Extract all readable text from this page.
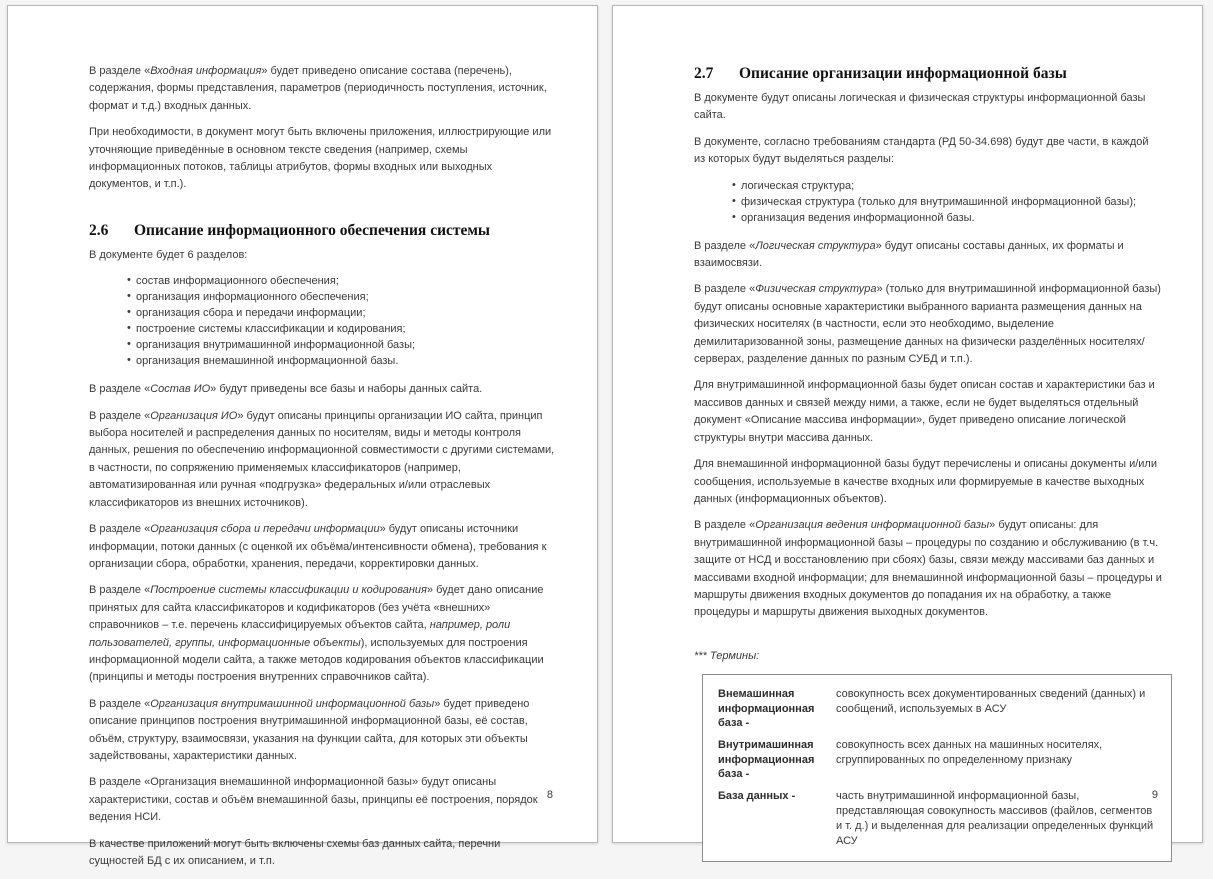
В разделе «Входная информация» будет приведено описание состава (перечень), содержания, формы представления, параметров (периодичность поступления, источник, формат и т.д.) входных данных.

При необходимости, в документ могут быть включены приложения, иллюстрирующие или уточняющие приведённые в основном тексте сведения (например, схемы информационных потоков, таблицы атрибутов, формы входных или выходных документов, и т.п.).

2.6 Описание информационного обеспечения системы

В документе будет 6 разделов:

• состав информационного обеспечения;
• организация информационного обеспечения;
• организация сбора и передачи информации;
• построение системы классификации и кодирования;
• организация внутримашинной информационной базы;
• организация внемашинной информационной базы.

В разделе «Состав ИО» будут приведены все базы и наборы данных сайта.

В разделе «Организация ИО» будут описаны принципы организации ИО сайта, принцип выбора носителей и распределения данных по носителям, виды и методы контроля данных, решения по обеспечению информационной совместимости с другими системами, в частности, по сопряжению применяемых классификаторов (например, автоматизированная или ручная «подгрузка» федеральных и/или отраслевых классификаторов из внешних источников).

В разделе «Организация сбора и передачи информации» будут описаны источники информации, потоки данных (с оценкой их объёма/интенсивности обмена), требования к организации сбора, обработки, хранения, передачи, корректировки данных.

В разделе «Построение системы классификации и кодирования» будет дано описание принятых для сайта классификаторов и кодификаторов (без учёта «внешних» справочников – т.е. перечень классифицируемых объектов сайта, например, роли пользователей, группы, информационные объекты), используемых для построения информационной модели сайта, а также методов кодирования объектов классификации (принципы и методы построения внутренних справочников сайта).

В разделе «Организация внутримашинной информационной базы» будет приведено описание принципов построения внутримашинной информационной базы, её состав, объём, структуру, взаимосвязи, указания на функции сайта, для которых эти объекты задействованы, характеристики данных.

В разделе «Организация внемашинной информационной базы» будут описаны характеристики, состав и объём внемашинной базы, принципы её построения, порядок ведения НСИ.

В качестве приложений могут быть включены схемы баз данных сайта, перечни сущностей БД с их описанием, и т.п.

8
2.7 Описание организации информационной базы

В документе будут описаны логическая и физическая структуры информационной базы сайта.

В документе, согласно требованиям стандарта (РД 50-34.698) будут две части, в каждой из которых будут выделяться разделы:

• логическая структура;
• физическая структура (только для внутримашинной информационной базы);
• организация ведения информационной базы.

В разделе «Логическая структура» будут описаны составы данных, их форматы и взаимосвязи.

В разделе «Физическая структура» (только для внутримашинной информационной базы) будут описаны основные характеристики выбранного варианта размещения данных на физических носителях (в частности, если это необходимо, выделение демилитаризованной зоны, размещение данных на физически разделённых носителях/серверах, разделение данных по разным СУБД и т.п.).

Для внутримашинной информационной базы будет описан состав и характеристики баз и массивов данных и связей между ними, а также, если не будет выделяться отдельный документ «Описание массива информации», будет приведено описание логической структуры внутри массива данных.

Для внемашинной информационной базы будут перечислены и описаны документы и/или сообщения, используемые в качестве входных или формируемые в качестве выходных данных (информационных объектов).

В разделе «Организация ведения информационной базы» будут описаны: для внутримашинной информационной базы – процедуры по созданию и обслуживанию (в т.ч. защите от НСД и восстановлению при сбоях) базы, связи между массивами баз данных и массивами входной информации; для внемашинной информационной базы – процедуры и маршруты движения входных документов до попадания их на обработку, а также процедуры и маршруты движения выходных документов.

*** Термины:

Внемашинная информационная база -
совокупность всех документированных сведений (данных) и сообщений, используемых в АСУ
Внутримашинная информационная база -
совокупность всех данных на машинных носителях, сгруппированных по определенному признаку
База данных -	часть внутримашинной информационной базы, представляющая совокупность массивов (файлов, сегментов и т. д.) и выделенная для реализации определенных функций АСУ
9
